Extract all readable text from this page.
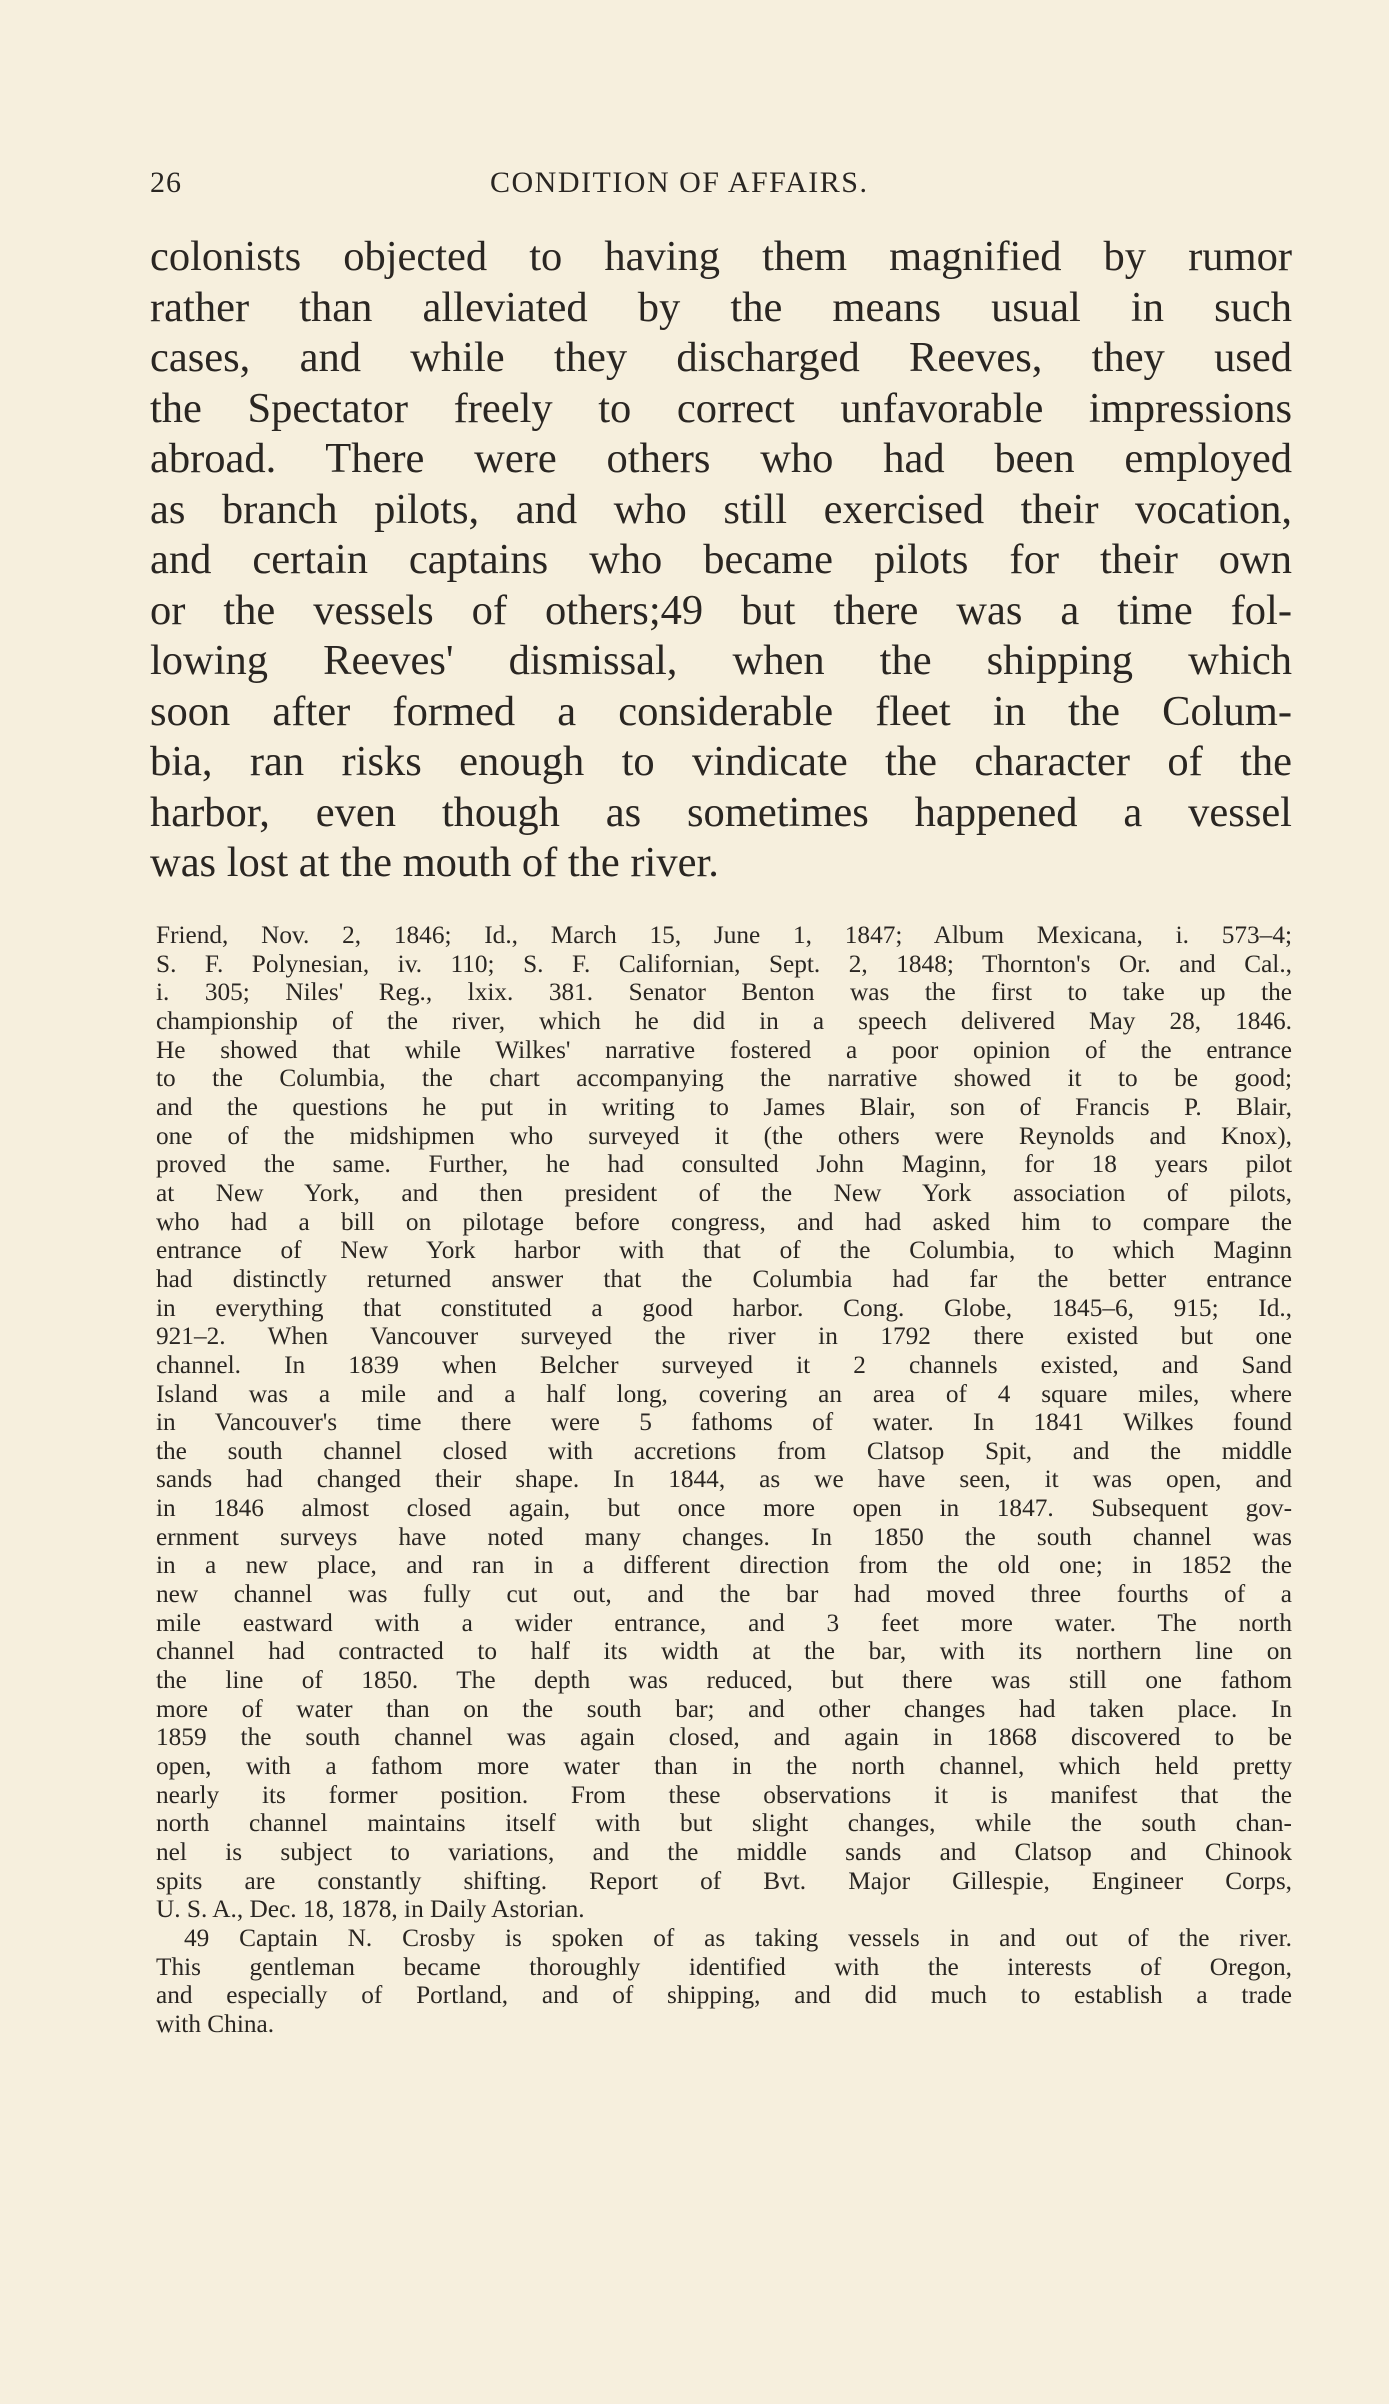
26	CONDITION OF AFFAIRS.
colonists objected to having them magnified by rumor
rather than alleviated by the means usual in such
cases, and while they discharged Reeves, they used
the Spectator freely to correct unfavorable impressions
abroad. There were others who had been employed
as branch pilots, and who still exercised their vocation,
and certain captains who became pilots for their own
or the vessels of others;49 but there was a time fol-
lowing Reeves' dismissal, when the shipping which
soon after formed a considerable fleet in the Colum-
bia, ran risks enough to vindicate the character of the
harbor, even though as sometimes happened a vessel
was lost at the mouth of the river.
Friend, Nov. 2, 1846; Id., March 15, June 1, 1847; Album Mexicana, i. 573–4;
S. F. Polynesian, iv. 110; S. F. Californian, Sept. 2, 1848; Thornton's Or. and Cal.,
i. 305; Niles' Reg., lxix. 381. Senator Benton was the first to take up the
championship of the river, which he did in a speech delivered May 28, 1846.
He showed that while Wilkes' narrative fostered a poor opinion of the entrance
to the Columbia, the chart accompanying the narrative showed it to be good;
and the questions he put in writing to James Blair, son of Francis P. Blair,
one of the midshipmen who surveyed it (the others were Reynolds and Knox),
proved the same. Further, he had consulted John Maginn, for 18 years pilot
at New York, and then president of the New York association of pilots,
who had a bill on pilotage before congress, and had asked him to compare the
entrance of New York harbor with that of the Columbia, to which Maginn
had distinctly returned answer that the Columbia had far the better entrance
in everything that constituted a good harbor. Cong. Globe, 1845–6, 915; Id.,
921–2. When Vancouver surveyed the river in 1792 there existed but one
channel. In 1839 when Belcher surveyed it 2 channels existed, and Sand
Island was a mile and a half long, covering an area of 4 square miles, where
in Vancouver's time there were 5 fathoms of water. In 1841 Wilkes found
the south channel closed with accretions from Clatsop Spit, and the middle
sands had changed their shape. In 1844, as we have seen, it was open, and
in 1846 almost closed again, but once more open in 1847. Subsequent gov-
ernment surveys have noted many changes. In 1850 the south channel was
in a new place, and ran in a different direction from the old one; in 1852 the
new channel was fully cut out, and the bar had moved three fourths of a
mile eastward with a wider entrance, and 3 feet more water. The north
channel had contracted to half its width at the bar, with its northern line on
the line of 1850. The depth was reduced, but there was still one fathom
more of water than on the south bar; and other changes had taken place. In
1859 the south channel was again closed, and again in 1868 discovered to be
open, with a fathom more water than in the north channel, which held pretty
nearly its former position. From these observations it is manifest that the
north channel maintains itself with but slight changes, while the south chan-
nel is subject to variations, and the middle sands and Clatsop and Chinook
spits are constantly shifting. Report of Bvt. Major Gillespie, Engineer Corps,
U. S. A., Dec. 18, 1878, in Daily Astorian.
49 Captain N. Crosby is spoken of as taking vessels in and out of the river.
This gentleman became thoroughly identified with the interests of Oregon,
and especially of Portland, and of shipping, and did much to establish a trade
with China.
